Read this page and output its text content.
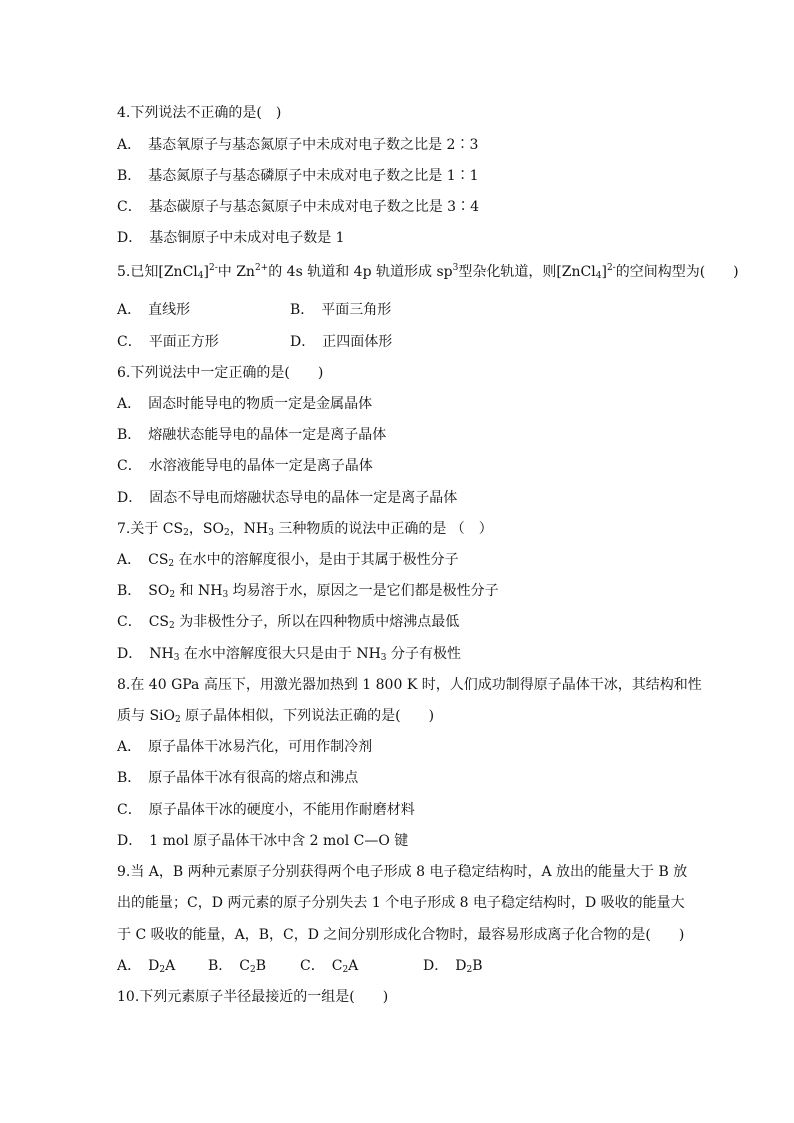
4.下列说法不正确的是(　)
A．　基态氧原子与基态氮原子中未成对电子数之比是 2∶3
B．　基态氮原子与基态磷原子中未成对电子数之比是 1∶1
C．　基态碳原子与基态氮原子中未成对电子数之比是 3∶4
D．　基态铜原子中未成对电子数是 1
5.已知[ZnCl$_4$]$^{2-}$中 $Zn^{2+}$的 4s 轨道和 4p 轨道形成 $sp^3$型杂化轨道，则[ZnCl$_4$]$^{2-}$的空间构型为(　　)
A．　直线形	B．　平面三角形
C．　平面正方形	D．　正四面体形
6.下列说法中一定正确的是(　　)
A．　固态时能导电的物质一定是金属晶体
B．　熔融状态能导电的晶体一定是离子晶体
C．　水溶液能导电的晶体一定是离子晶体
D．　固态不导电而熔融状态导电的晶体一定是离子晶体
7.关于 $CS_2$，$SO_2$，$NH_3$ 三种物质的说法中正确的是 （　）
A．　$CS_2$ 在水中的溶解度很小，是由于其属于极性分子
B．　$SO_2$ 和 $NH_3$ 均易溶于水，原因之一是它们都是极性分子
C．　$CS_2$ 为非极性分子，所以在四种物质中熔沸点最低
D．　$NH_3$ 在水中溶解度很大只是由于 $NH_3$ 分子有极性
8.在 40 GPa 高压下，用激光器加热到 1 800 K 时，人们成功制得原子晶体干冰，其结构和性
质与 SiO$_2$ 原子晶体相似，下列说法正确的是(　　)
A．　原子晶体干冰易汽化，可用作制冷剂
B．　原子晶体干冰有很高的熔点和沸点
C．　原子晶体干冰的硬度小，不能用作耐磨材料
D．　1 mol 原子晶体干冰中含 2 mol C—O 键
9.当 A，B 两种元素原子分别获得两个电子形成 8 电子稳定结构时，A 放出的能量大于 B 放
出的能量；C，D 两元素的原子分别失去 1 个电子形成 8 电子稳定结构时，D 吸收的能量大
于 C 吸收的能量，A，B，C，D 之间分别形成化合物时，最容易形成离子化合物的是(　　)
A．　$D_2A$ B．　$C_2B$ C．　$C_2A$	D．　$D_2B$
10.下列元素原子半径最接近的一组是(　　)
